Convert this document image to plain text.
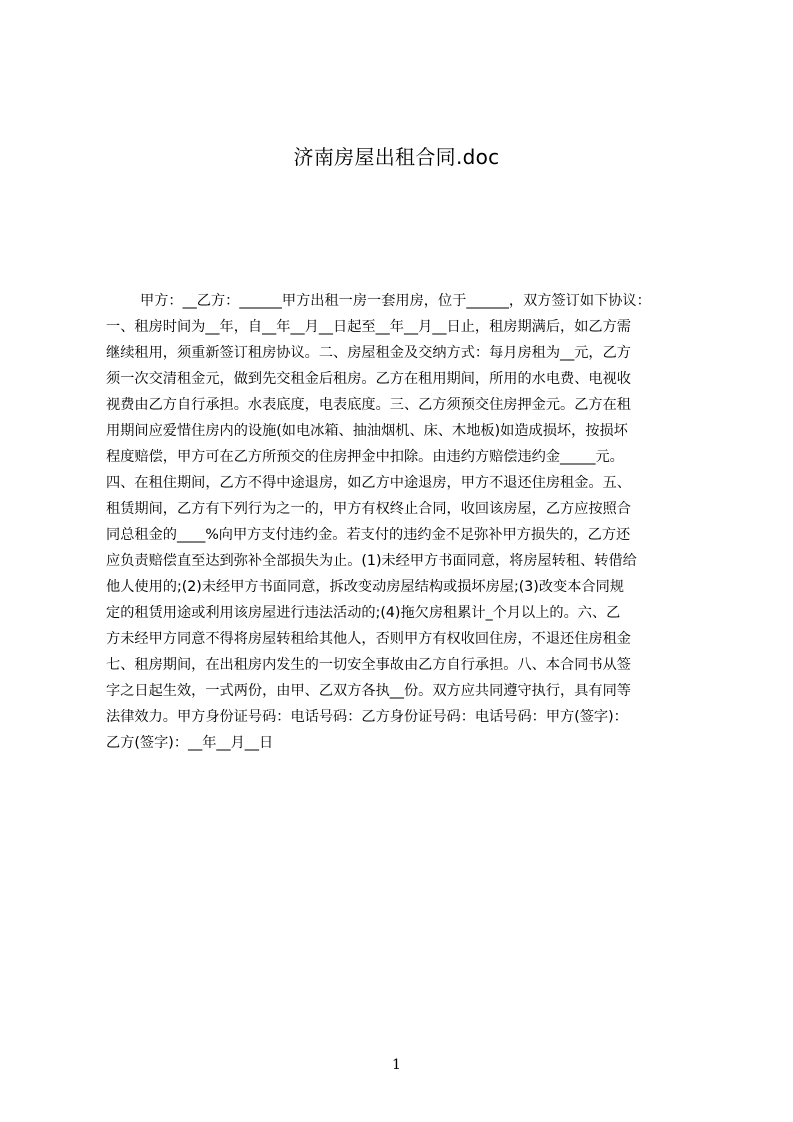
济南房屋出租合同.doc
甲方：__乙方：______甲方出租一房一套用房，位于______，双方签订如下协议：
一、租房时间为__年，自__年__月__日起至__年__月__日止，租房期满后，如乙方需
继续租用，须重新签订租房协议。二、房屋租金及交纳方式：每月房租为__元，乙方
须一次交清租金元，做到先交租金后租房。乙方在租用期间，所用的水电费、电视收
视费由乙方自行承担。水表底度，电表底度。三、乙方须预交住房押金元。乙方在租
用期间应爱惜住房内的设施(如电冰箱、抽油烟机、床、木地板)如造成损坏，按损坏
程度赔偿，甲方可在乙方所预交的住房押金中扣除。由违约方赔偿违约金_____元。
四、在租住期间，乙方不得中途退房，如乙方中途退房，甲方不退还住房租金。五、
租赁期间，乙方有下列行为之一的，甲方有权终止合同，收回该房屋，乙方应按照合
同总租金的____%向甲方支付违约金。若支付的违约金不足弥补甲方损失的，乙方还
应负责赔偿直至达到弥补全部损失为止。(1)未经甲方书面同意，将房屋转租、转借给
他人使用的;(2)未经甲方书面同意，拆改变动房屋结构或损坏房屋;(3)改变本合同规
定的租赁用途或利用该房屋进行违法活动的;(4)拖欠房租累计_个月以上的。六、乙
方未经甲方同意不得将房屋转租给其他人，否则甲方有权收回住房，不退还住房租金
七、租房期间，在出租房内发生的一切安全事故由乙方自行承担。八、本合同书从签
字之日起生效，一式两份，由甲、乙双方各执__份。双方应共同遵守执行，具有同等
法律效力。甲方身份证号码：电话号码：乙方身份证号码：电话号码：甲方(签字)：
乙方(签字)：__年__月__日
1
